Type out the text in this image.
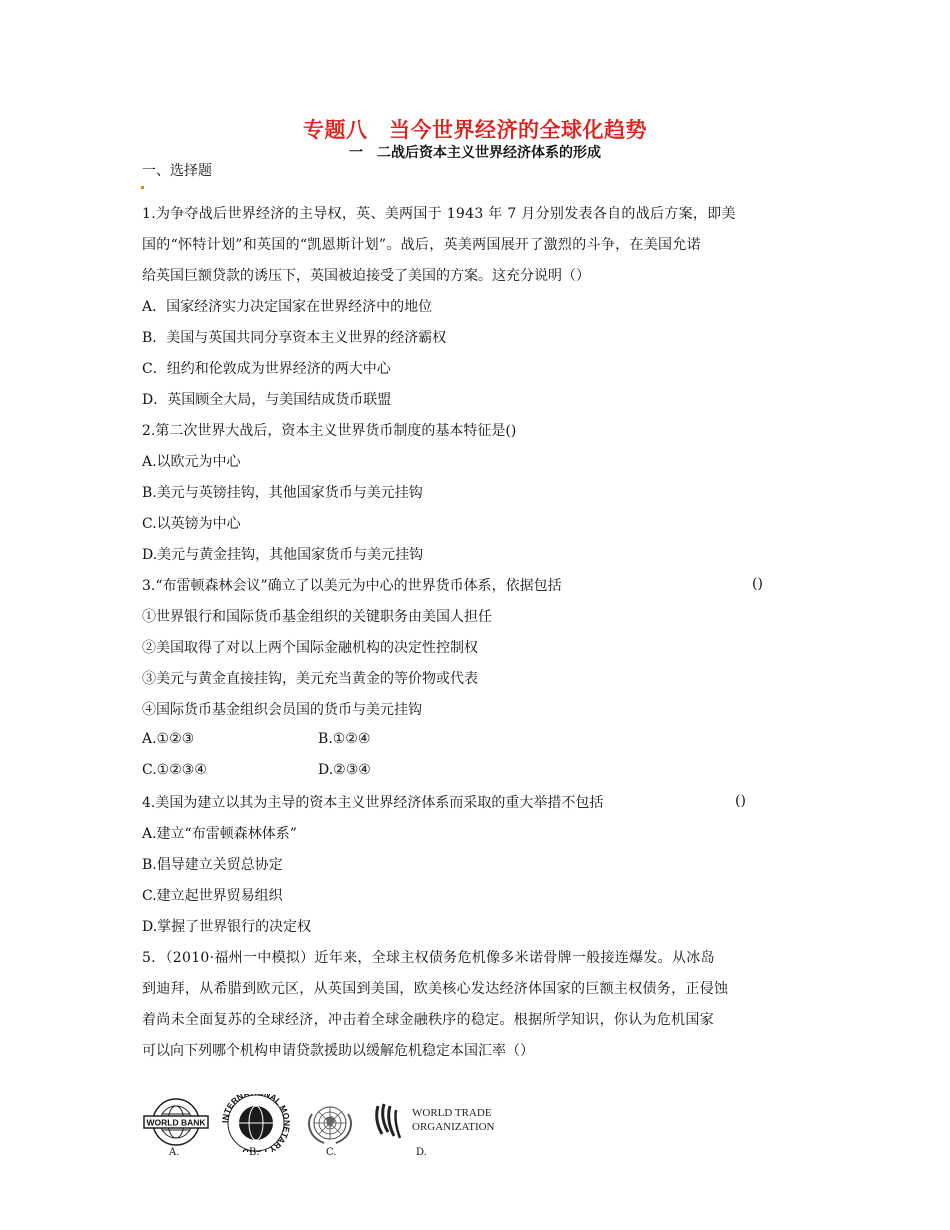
专题八　当今世界经济的全球化趋势
一　二战后资本主义世界经济体系的形成
一、选择题
1.为争夺战后世界经济的主导权，英、美两国于 1943 年 7 月分别发表各自的战后方案，即美
国的“怀特计划”和英国的“凯恩斯计划”。战后，英美两国展开了激烈的斗争，在美国允诺
给英国巨额贷款的诱压下，英国被迫接受了美国的方案。这充分说明（）
A．国家经济实力决定国家在世界经济中的地位
B．美国与英国共同分享资本主义世界的经济霸权
C．纽约和伦敦成为世界经济的两大中心
D．英国顾全大局，与美国结成货币联盟
2.第二次世界大战后，资本主义世界货币制度的基本特征是()
A.以欧元为中心
B.美元与英镑挂钩，其他国家货币与美元挂钩
C.以英镑为中心
D.美元与黄金挂钩，其他国家货币与美元挂钩
3.“布雷顿森林会议”确立了以美元为中心的世界货币体系，依据包括	()
①世界银行和国际货币基金组织的关键职务由美国人担任
②美国取得了对以上两个国际金融机构的决定性控制权
③美元与黄金直接挂钩，美元充当黄金的等价物或代表
④国际货币基金组织会员国的货币与美元挂钩
A.①②③	B.①②④
C.①②③④	D.②③④
4.美国为建立以其为主导的资本主义世界经济体系而采取的重大举措不包括	()
A.建立“布雷顿森林体系”
B.倡导建立关贸总协定
C.建立起世界贸易组织
D.掌握了世界银行的决定权
5．（2010·福州一中模拟）近年来，全球主权债务危机像多米诺骨牌一般接连爆发。从冰岛
到迪拜，从希腊到欧元区，从英国到美国，欧美核心发达经济体国家的巨额主权债务，正侵蚀
着尚未全面复苏的全球经济，冲击着全球金融秩序的稳定。根据所学知识，你认为危机国家
可以向下列哪个机构申请贷款援助以缓解危机稳定本国汇率（）
WORLD BANK
A.
INTERN NAL MONETARY
B.	C.
WORLD TRADE
ORGANIZATION
D.
